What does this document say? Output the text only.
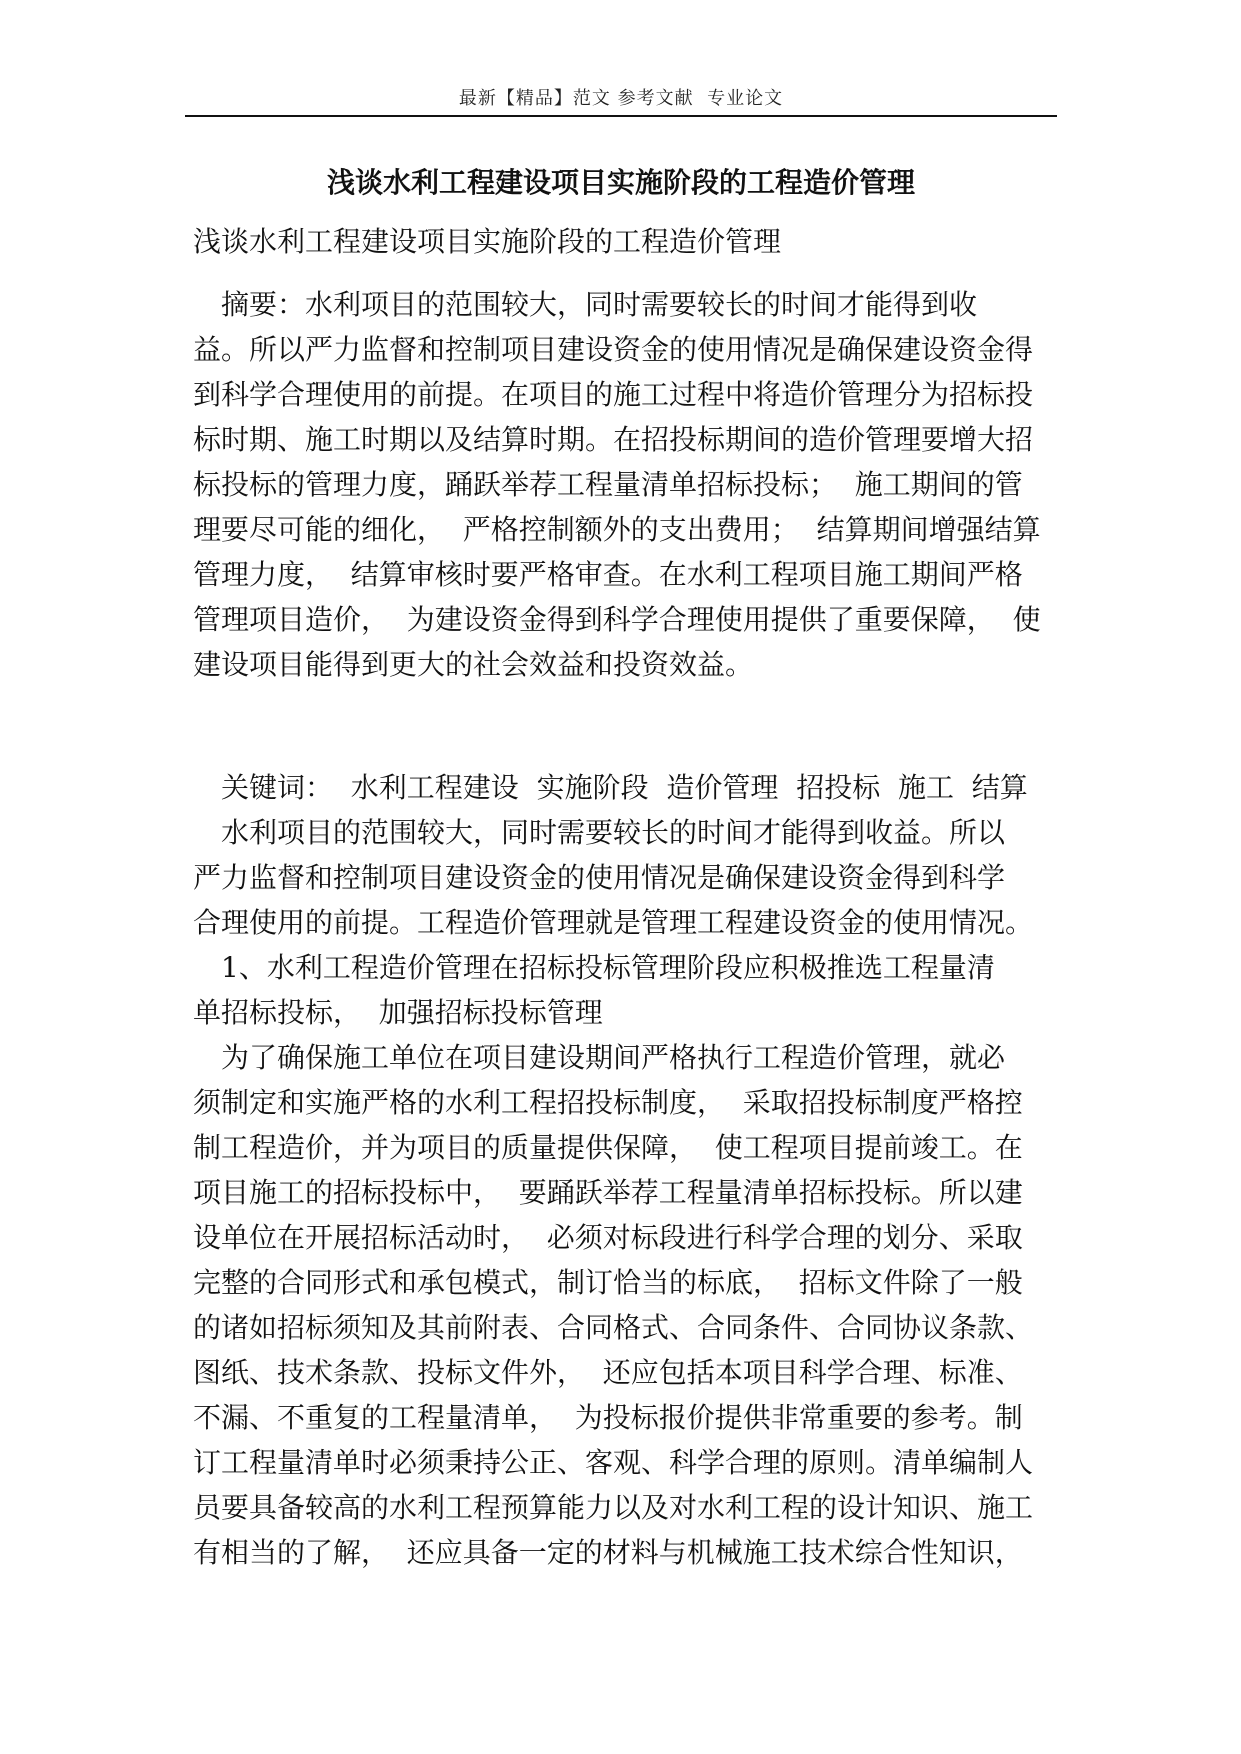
最新【精品】范文 参考文献  专业论文
浅谈水利工程建设项目实施阶段的工程造价管理
浅谈水利工程建设项目实施阶段的工程造价管理
　摘要：水利项目的范围较大，同时需要较长的时间才能得到收
益。所以严力监督和控制项目建设资金的使用情况是确保建设资金得
到科学合理使用的前提。在项目的施工过程中将造价管理分为招标投
标时期、施工时期以及结算时期。在招投标期间的造价管理要增大招
标投标的管理力度，踊跃举荐工程量清单招标投标；  施工期间的管
理要尽可能的细化，  严格控制额外的支出费用；  结算期间增强结算
管理力度，  结算审核时要严格审查。在水利工程项目施工期间严格
管理项目造价，  为建设资金得到科学合理使用提供了重要保障，  使
建设项目能得到更大的社会效益和投资效益。
　关键词：  水利工程建设  实施阶段  造价管理  招投标  施工  结算
　水利项目的范围较大，同时需要较长的时间才能得到收益。所以
严力监督和控制项目建设资金的使用情况是确保建设资金得到科学
合理使用的前提。工程造价管理就是管理工程建设资金的使用情况。
　1、水利工程造价管理在招标投标管理阶段应积极推选工程量清
单招标投标，  加强招标投标管理
　为了确保施工单位在项目建设期间严格执行工程造价管理，就必
须制定和实施严格的水利工程招投标制度，  采取招投标制度严格控
制工程造价，并为项目的质量提供保障，  使工程项目提前竣工。在
项目施工的招标投标中，  要踊跃举荐工程量清单招标投标。所以建
设单位在开展招标活动时，  必须对标段进行科学合理的划分、采取
完整的合同形式和承包模式，制订恰当的标底，  招标文件除了一般
的诸如招标须知及其前附表、合同格式、合同条件、合同协议条款、
图纸、技术条款、投标文件外，  还应包括本项目科学合理、标准、
不漏、不重复的工程量清单，  为投标报价提供非常重要的参考。制
订工程量清单时必须秉持公正、客观、科学合理的原则。清单编制人
员要具备较高的水利工程预算能力以及对水利工程的设计知识、施工
有相当的了解，  还应具备一定的材料与机械施工技术综合性知识，
